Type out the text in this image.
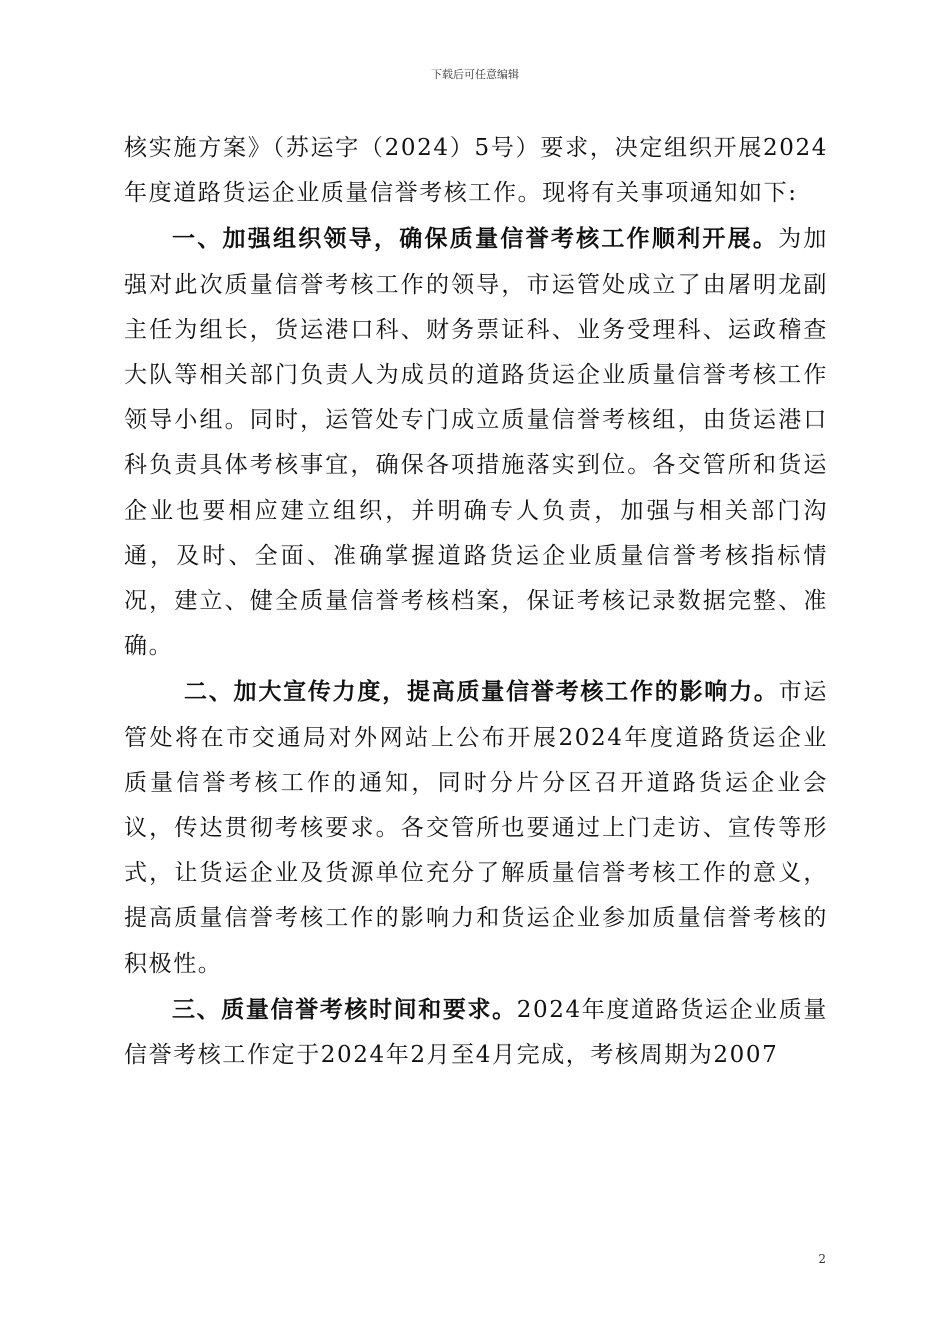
下载后可任意编辑

核实施方案》（苏运字（2024）5号）要求，决定组织开展2024年度道路货运企业质量信誉考核工作。现将有关事项通知如下:

一、加强组织领导，确保质量信誉考核工作顺利开展。为加强对此次质量信誉考核工作的领导，市运管处成立了由屠明龙副主任为组长，货运港口科、财务票证科、业务受理科、运政稽查大队等相关部门负责人为成员的道路货运企业质量信誉考核工作领导小组。同时，运管处专门成立质量信誉考核组，由货运港口科负责具体考核事宜，确保各项措施落实到位。各交管所和货运企业也要相应建立组织，并明确专人负责，加强与相关部门沟通，及时、全面、准确掌握道路货运企业质量信誉考核指标情况，建立、健全质量信誉考核档案，保证考核记录数据完整、准确。

二、加大宣传力度，提高质量信誉考核工作的影响力。市运管处将在市交通局对外网站上公布开展2024年度道路货运企业质量信誉考核工作的通知，同时分片分区召开道路货运企业会议，传达贯彻考核要求。各交管所也要通过上门走访、宣传等形式，让货运企业及货源单位充分了解质量信誉考核工作的意义，提高质量信誉考核工作的影响力和货运企业参加质量信誉考核的积极性。

三、质量信誉考核时间和要求。2024年度道路货运企业质量信誉考核工作定于2024年2月至4月完成，考核周期为2007

2
